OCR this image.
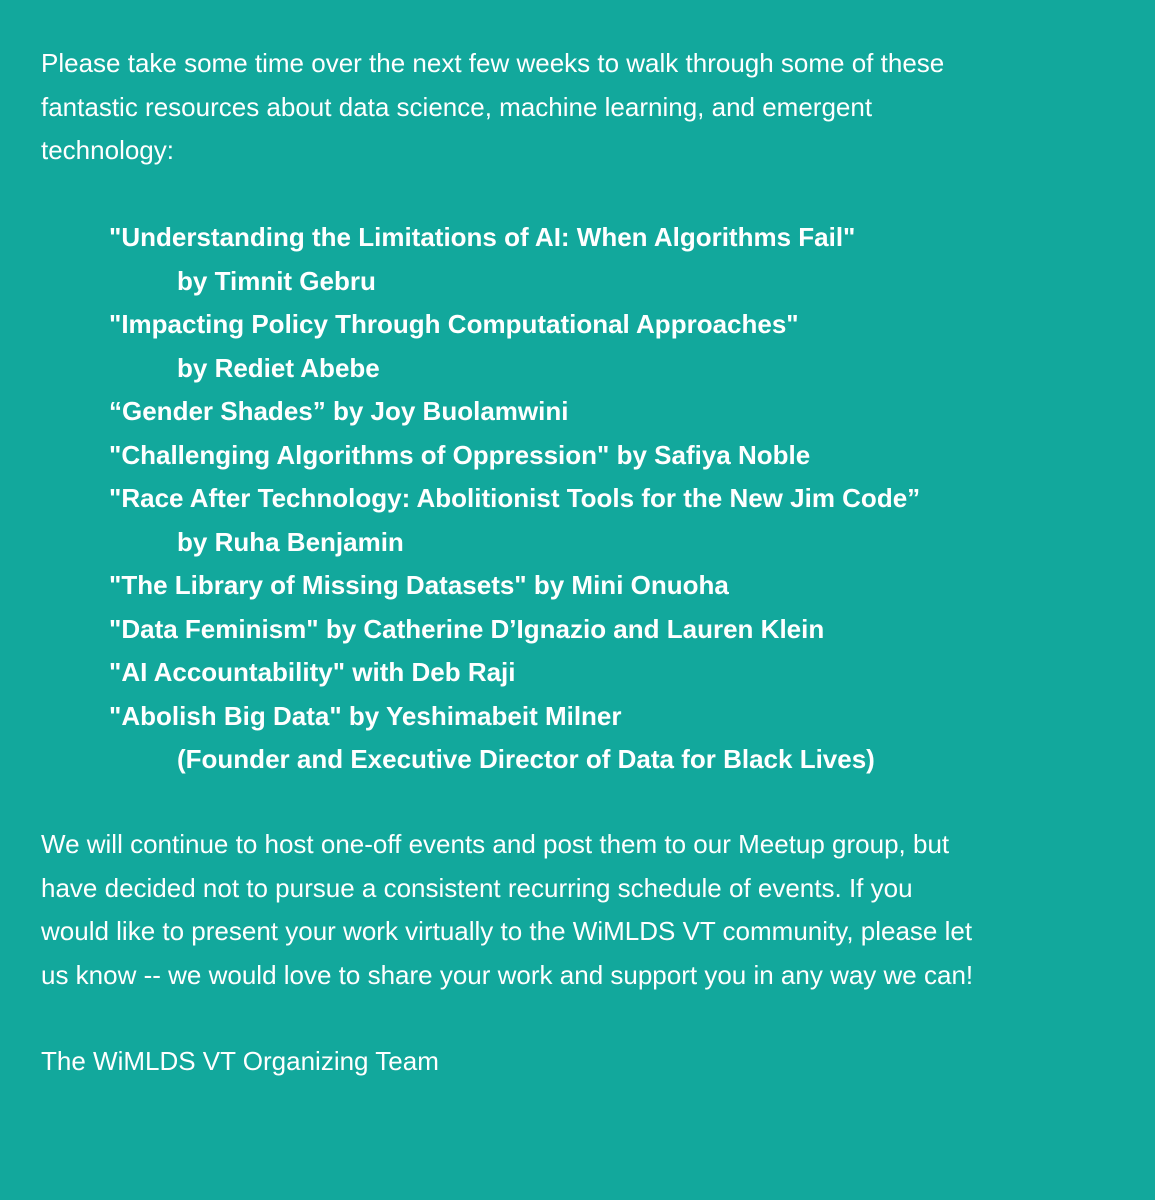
Please take some time over the next few weeks to walk through some of these
fantastic resources about data science, machine learning, and emergent
technology:

"Understanding the Limitations of AI: When Algorithms Fail"
by Timnit Gebru
"Impacting Policy Through Computational Approaches"
by Rediet Abebe
“Gender Shades” by Joy Buolamwini
"Challenging Algorithms of Oppression" by Safiya Noble
"Race After Technology: Abolitionist Tools for the New Jim Code”
by Ruha Benjamin
"The Library of Missing Datasets" by Mini Onuoha
"Data Feminism" by Catherine D’Ignazio and Lauren Klein
"AI Accountability" with Deb Raji
"Abolish Big Data" by Yeshimabeit Milner
(Founder and Executive Director of Data for Black Lives)

We will continue to host one-off events and post them to our Meetup group, but
have decided not to pursue a consistent recurring schedule of events. If you
would like to present your work virtually to the WiMLDS VT community, please let
us know -- we would love to share your work and support you in any way we can!

The WiMLDS VT Organizing Team
